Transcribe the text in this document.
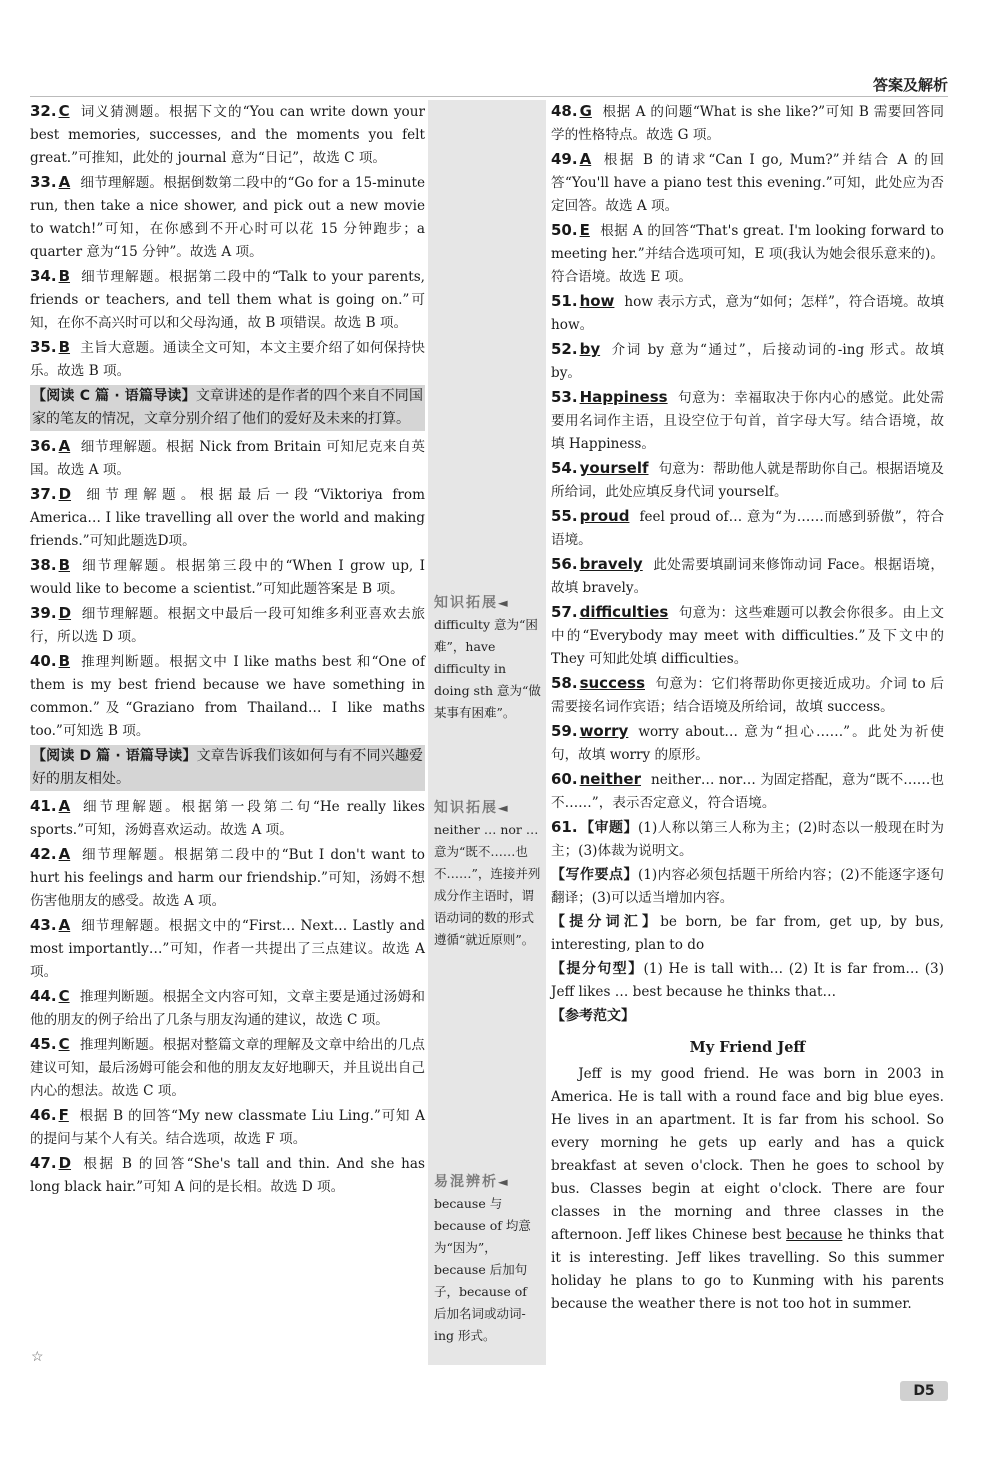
答案及解析
32. C 词义猜测题。根据下文的“You can write down your best memories, successes, and the moments you felt great.”可推知，此处的 journal 意为“日记”，故选 C 项。
33. A 细节理解题。根据倒数第二段中的“Go for a 15-minute run, then take a nice shower, and pick out a new movie to watch!”可知，在你感到不开心时可以花 15 分钟跑步；a quarter 意为“15 分钟”。故选 A 项。
34. B 细节理解题。根据第二段中的“Talk to your parents, friends or teachers, and tell them what is going on.”可知，在你不高兴时可以和父母沟通，故 B 项错误。故选 B 项。
35. B 主旨大意题。通读全文可知，本文主要介绍了如何保持快乐。故选 B 项。
【阅读 C 篇 · 语篇导读】文章讲述的是作者的四个来自不同国家的笔友的情况，文章分别介绍了他们的爱好及未来的打算。
36. A 细节理解题。根据 Nick from Britain 可知尼克来自英国。故选 A 项。
37. D 细节理解题。根据最后一段“Viktoriya from America… I like travelling all over the world and making friends.”可知此题选D项。
38. B 细节理解题。根据第三段中的“When I grow up, I would like to become a scientist.”可知此题答案是 B 项。
39. D 细节理解题。根据文中最后一段可知维多利亚喜欢去旅行，所以选 D 项。
40. B 推理判断题。根据文中 I like maths best 和“One of them is my best friend because we have something in common.”及“Graziano from Thailand… I like maths too.”可知选 B 项。
【阅读 D 篇 · 语篇导读】文章告诉我们该如何与有不同兴趣爱好的朋友相处。
41. A 细节理解题。根据第一段第二句“He really likes sports.”可知，汤姆喜欢运动。故选 A 项。
42. A 细节理解题。根据第二段中的“But I don't want to hurt his feelings and harm our friendship.”可知，汤姆不想伤害他朋友的感受。故选 A 项。
43. A 细节理解题。根据文中的“First… Next… Lastly and most importantly…”可知，作者一共提出了三点建议。故选 A 项。
44. C 推理判断题。根据全文内容可知，文章主要是通过汤姆和他的朋友的例子给出了几条与朋友沟通的建议，故选 C 项。
45. C 推理判断题。根据对整篇文章的理解及文章中给出的几点建议可知，最后汤姆可能会和他的朋友友好地聊天，并且说出自己内心的想法。故选 C 项。
46. F 根据 B 的回答“My new classmate Liu Ling.”可知 A 的提问与某个人有关。结合选项，故选 F 项。
47. D 根据 B 的回答“She's tall and thin. And she has long black hair.”可知 A 问的是长相。故选 D 项。
知识拓展◄
difficulty 意为“困难”，have difficulty in doing sth 意为“做某事有困难”。
知识拓展◄
neither … nor … 意为“既不……也不……”，连接并列成分作主语时，谓语动词的数的形式遵循“就近原则”。
易混辨析◄
because 与 because of 均意为“因为”，because 后加句子，because of 后加名词或动词-ing 形式。
48. G 根据 A 的问题“What is she like?”可知 B 需要回答同学的性格特点。故选 G 项。
49. A 根据 B 的请求“Can I go, Mum?”并结合 A 的回答“You'll have a piano test this evening.”可知，此处应为否定回答。故选 A 项。
50. E 根据 A 的回答“That's great. I'm looking forward to meeting her.”并结合选项可知，E 项(我认为她会很乐意来的)。符合语境。故选 E 项。
51. how how 表示方式，意为“如何；怎样”，符合语境。故填 how。
52. by 介词 by 意为“通过”，后接动词的-ing 形式。故填 by。
53. Happiness 句意为：幸福取决于你内心的感觉。此处需要用名词作主语，且设空位于句首，首字母大写。结合语境，故填 Happiness。
54. yourself 句意为：帮助他人就是帮助你自己。根据语境及所给词，此处应填反身代词 yourself。
55. proud feel proud of… 意为“为……而感到骄傲”，符合语境。
56. bravely 此处需要填副词来修饰动词 Face。根据语境，故填 bravely。
57. difficulties 句意为：这些难题可以教会你很多。由上文中的“Everybody may meet with difficulties.”及下文中的 They 可知此处填 difficulties。
58. success 句意为：它们将帮助你更接近成功。介词 to 后需要接名词作宾语；结合语境及所给词，故填 success。
59. worry worry about… 意为“担心……”。此处为祈使句，故填 worry 的原形。
60. neither neither… nor… 为固定搭配，意为“既不……也不……”，表示否定意义，符合语境。
61. 【审题】(1)人称以第三人称为主；(2)时态以一般现在时为主；(3)体裁为说明文。
【写作要点】(1)内容必须包括题干所给内容；(2)不能逐字逐句翻译；(3)可以适当增加内容。
【提分词汇】be born, be far from, get up, by bus, interesting, plan to do
【提分句型】(1) He is tall with… (2) It is far from… (3) Jeff likes … best because he thinks that…
【参考范文】
My Friend Jeff

Jeff is my good friend. He was born in 2003 in America. He is tall with a round face and big blue eyes. He lives in an apartment. It is far from his school. So every morning he gets up early and has a quick breakfast at seven o'clock. Then he goes to school by bus. Classes begin at eight o'clock. There are four classes in the morning and three classes in the afternoon. Jeff likes Chinese best because he thinks that it is interesting. Jeff likes travelling. So this summer holiday he plans to go to Kunming with his parents because the weather there is not too hot in summer.

☆
D5
